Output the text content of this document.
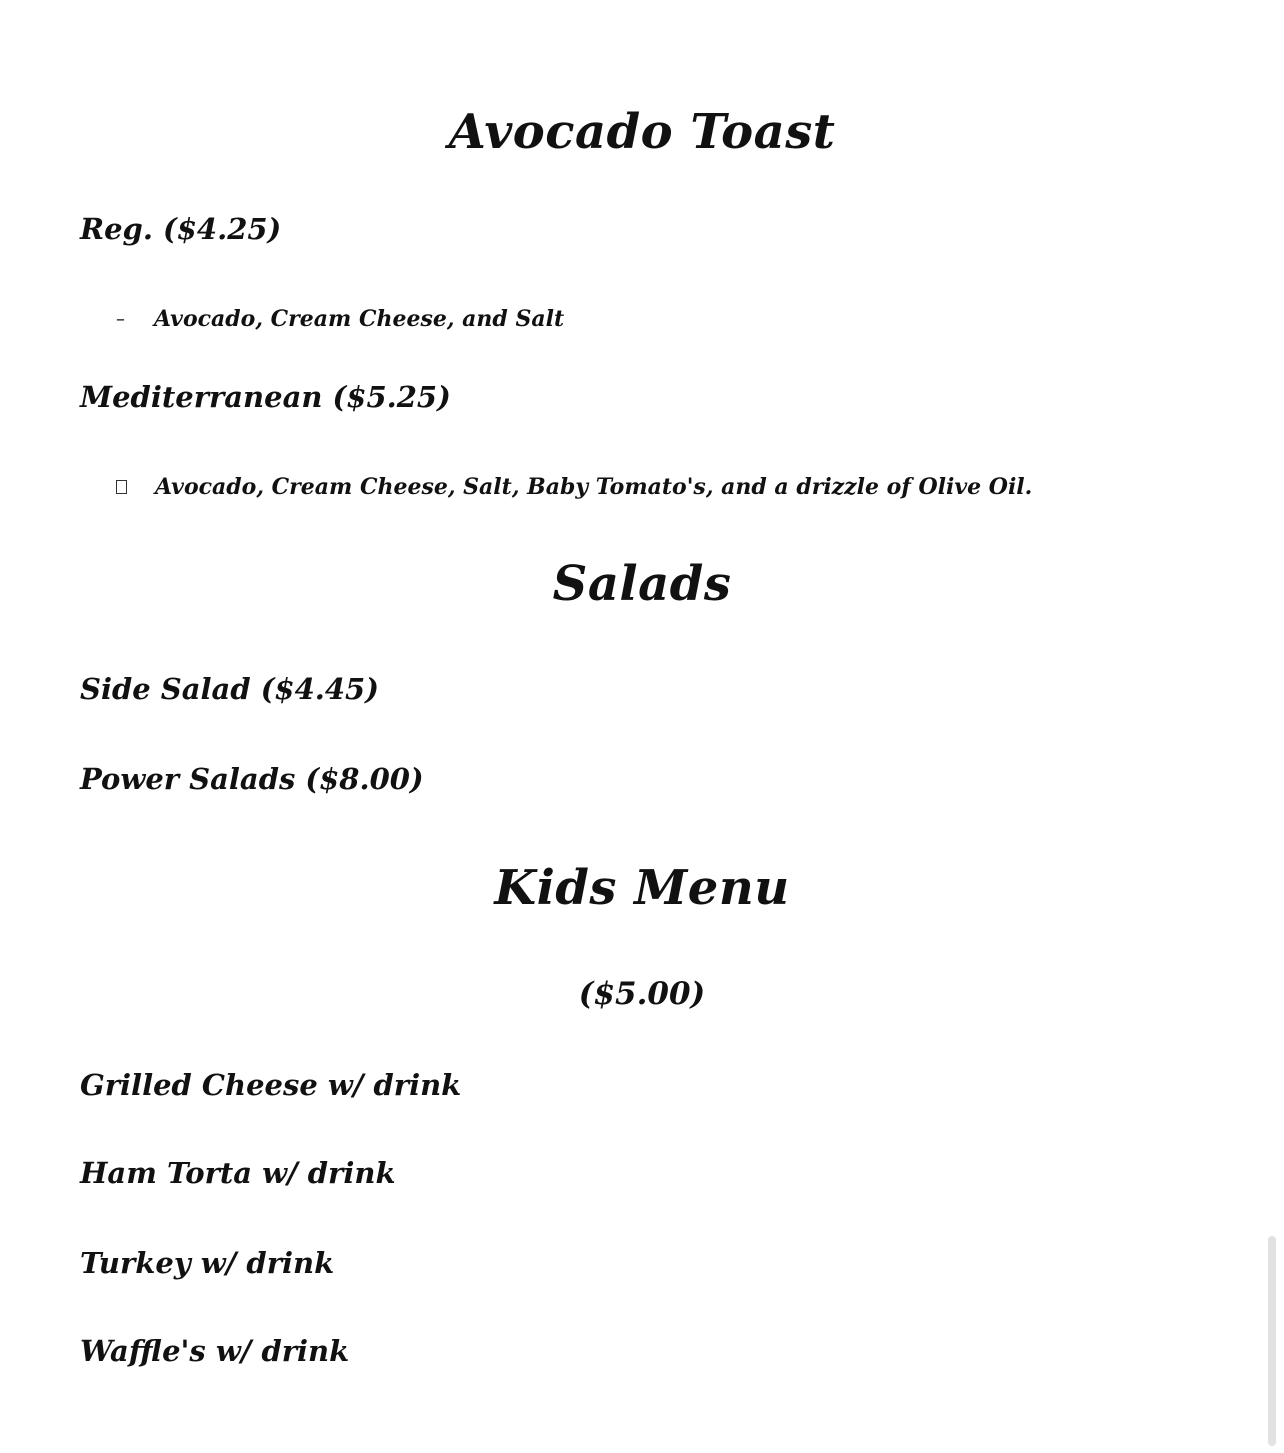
Avocado Toast
Reg. ($4.25)
–	Avocado, Cream Cheese, and Salt
Mediterranean ($5.25)
Avocado, Cream Cheese, Salt, Baby Tomato's, and a drizzle of Olive Oil.
Salads
Side Salad ($4.45)
Power Salads ($8.00)
Kids Menu
($5.00)
Grilled Cheese w/ drink
Ham Torta w/ drink
Turkey w/ drink
Waffle's w/ drink
